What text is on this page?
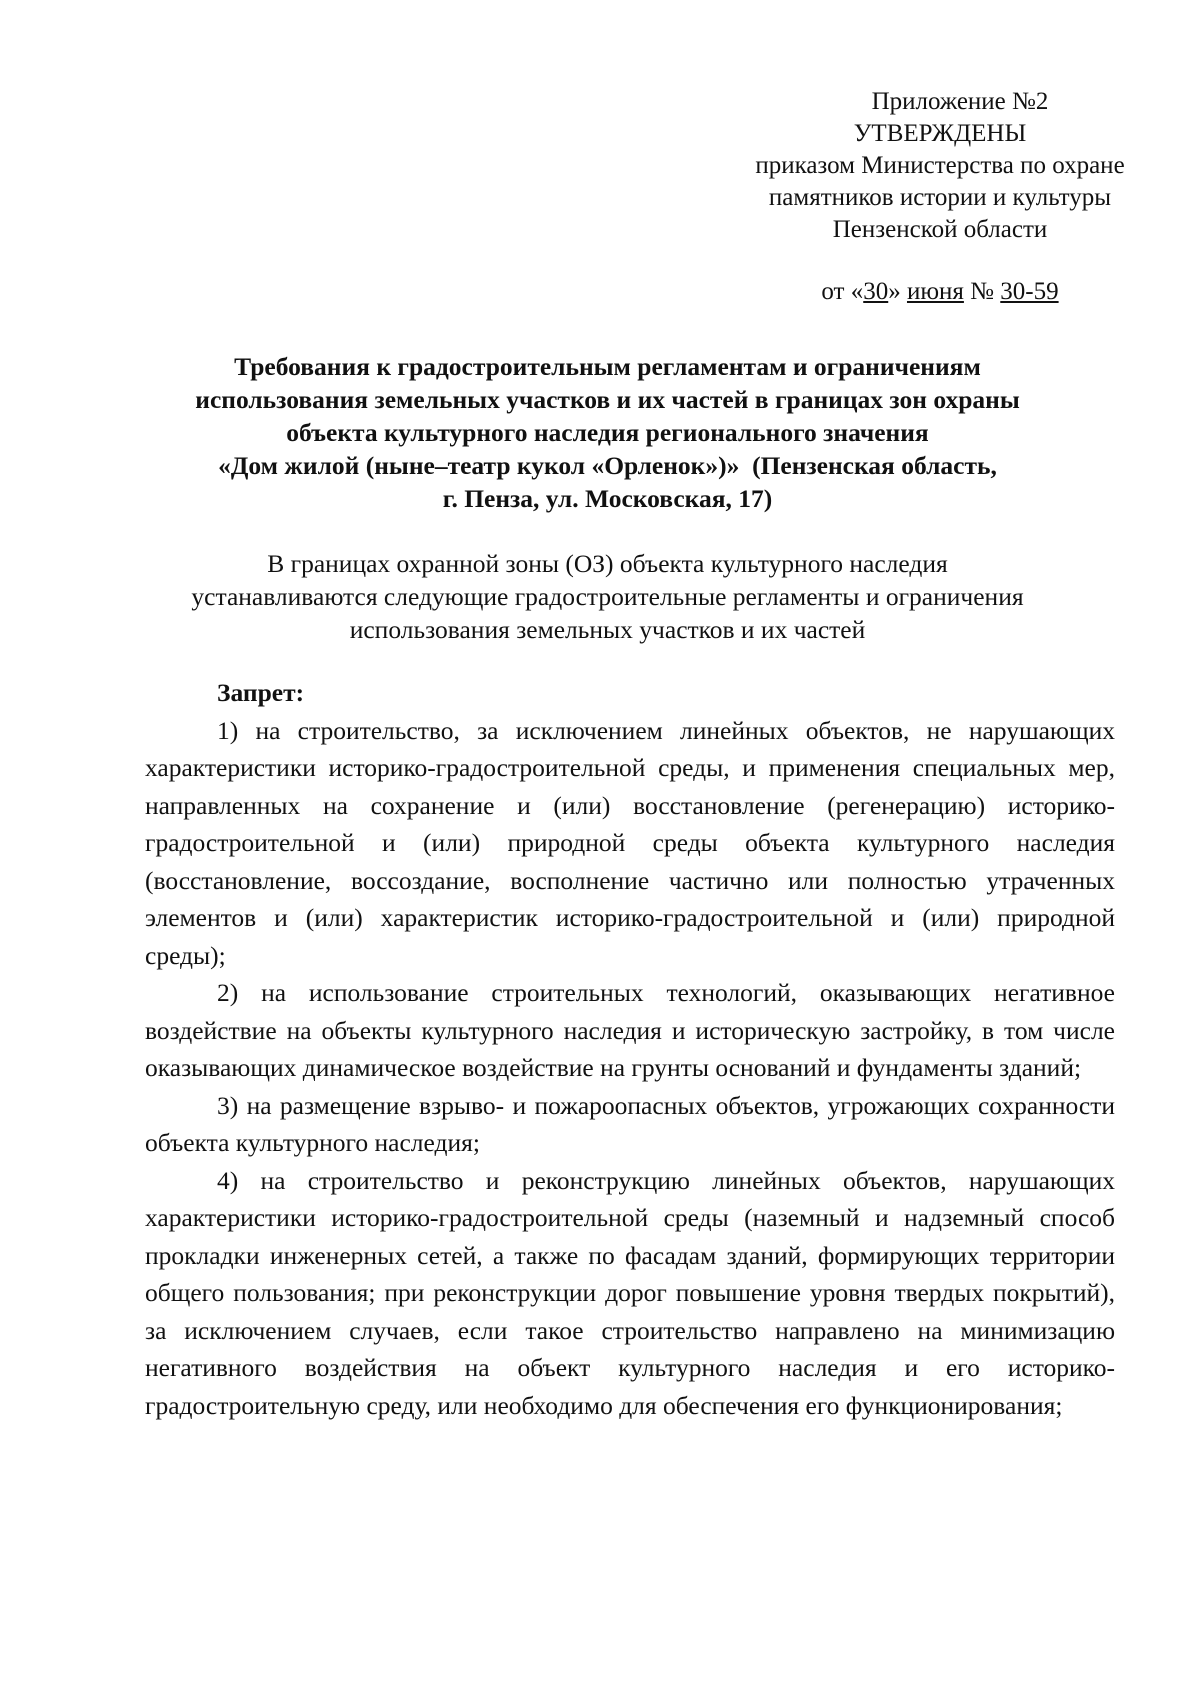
Приложение №2
УТВЕРЖДЕНЫ
приказом Министерства по охране
памятников истории и культуры
Пензенской области
от «30» июня № 30-59
Требования к градостроительным регламентам и ограничениям
использования земельных участков и их частей в границах зон охраны
объекта культурного наследия регионального значения
«Дом жилой (ныне–театр кукол «Орленок»)»  (Пензенская область,
г. Пенза, ул. Московская, 17)
В границах охранной зоны (ОЗ) объекта культурного наследия
устанавливаются следующие градостроительные регламенты и ограничения
использования земельных участков и их частей
Запрет:

1) на строительство, за исключением линейных объектов, не нарушающих характеристики историко-градостроительной среды, и применения специальных мер, направленных на сохранение и (или) восстановление (регенерацию) историко-градостроительной и (или) природной среды объекта культурного наследия (восстановление, воссоздание, восполнение частично или полностью утраченных элементов и (или) характеристик историко-градостроительной и (или) природной среды);

2) на использование строительных технологий, оказывающих негативное воздействие на объекты культурного наследия и историческую застройку, в том числе оказывающих динамическое воздействие на грунты оснований и фундаменты зданий;

3) на размещение взрыво- и пожароопасных объектов, угрожающих сохранности объекта культурного наследия;

4) на строительство и реконструкцию линейных объектов, нарушающих характеристики историко-градостроительной среды (наземный и надземный способ прокладки инженерных сетей, а также по фасадам зданий, формирующих территории общего пользования; при реконструкции дорог повышение уровня твердых покрытий), за исключением случаев, если такое строительство направлено на минимизацию негативного воздействия на объект культурного наследия и его историко-градостроительную среду, или необходимо для обеспечения его функционирования;
